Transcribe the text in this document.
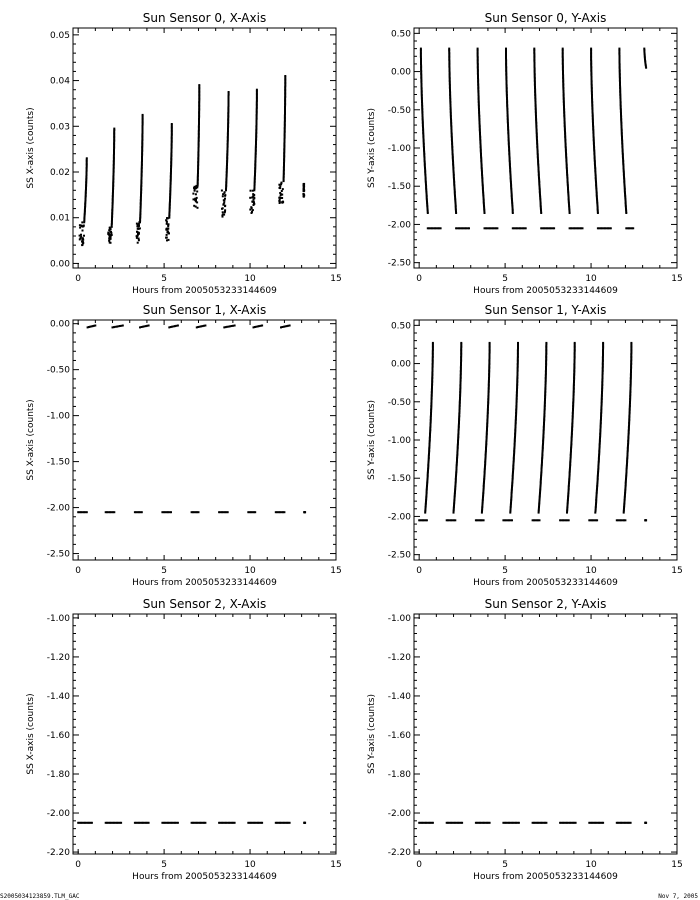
Sun Sensor 0, X-Axis
0	5	10	15
0.00
0.01
0.02
0.03
0.04
0.05
Hours from 2005053233144609
SS X-axis (counts)
Sun Sensor 0, Y-Axis
0	5	10	15
-2.50
-2.00
-1.50
-1.00
-0.50
0.00
0.50
Hours from 2005053233144609
SS Y-axis (counts)
Sun Sensor 1, X-Axis
0	5	10	15
-2.50
-2.00
-1.50
-1.00
-0.50
0.00
Hours from 2005053233144609
SS X-axis (counts)
Sun Sensor 1, Y-Axis
0	5	10	15
-2.50
-2.00
-1.50
-1.00
-0.50
0.00
0.50
Hours from 2005053233144609
SS Y-axis (counts)
Sun Sensor 2, X-Axis
0	5	10	15
-2.20
-2.00
-1.80
-1.60
-1.40
-1.20
-1.00
Hours from 2005053233144609
SS X-axis (counts)
Sun Sensor 2, Y-Axis
0	5	10	15
-2.20
-2.00
-1.80
-1.60
-1.40
-1.20
-1.00
Hours from 2005053233144609
SS Y-axis (counts)
S2005034123859.TLM_GAC	Nov 7, 2005
